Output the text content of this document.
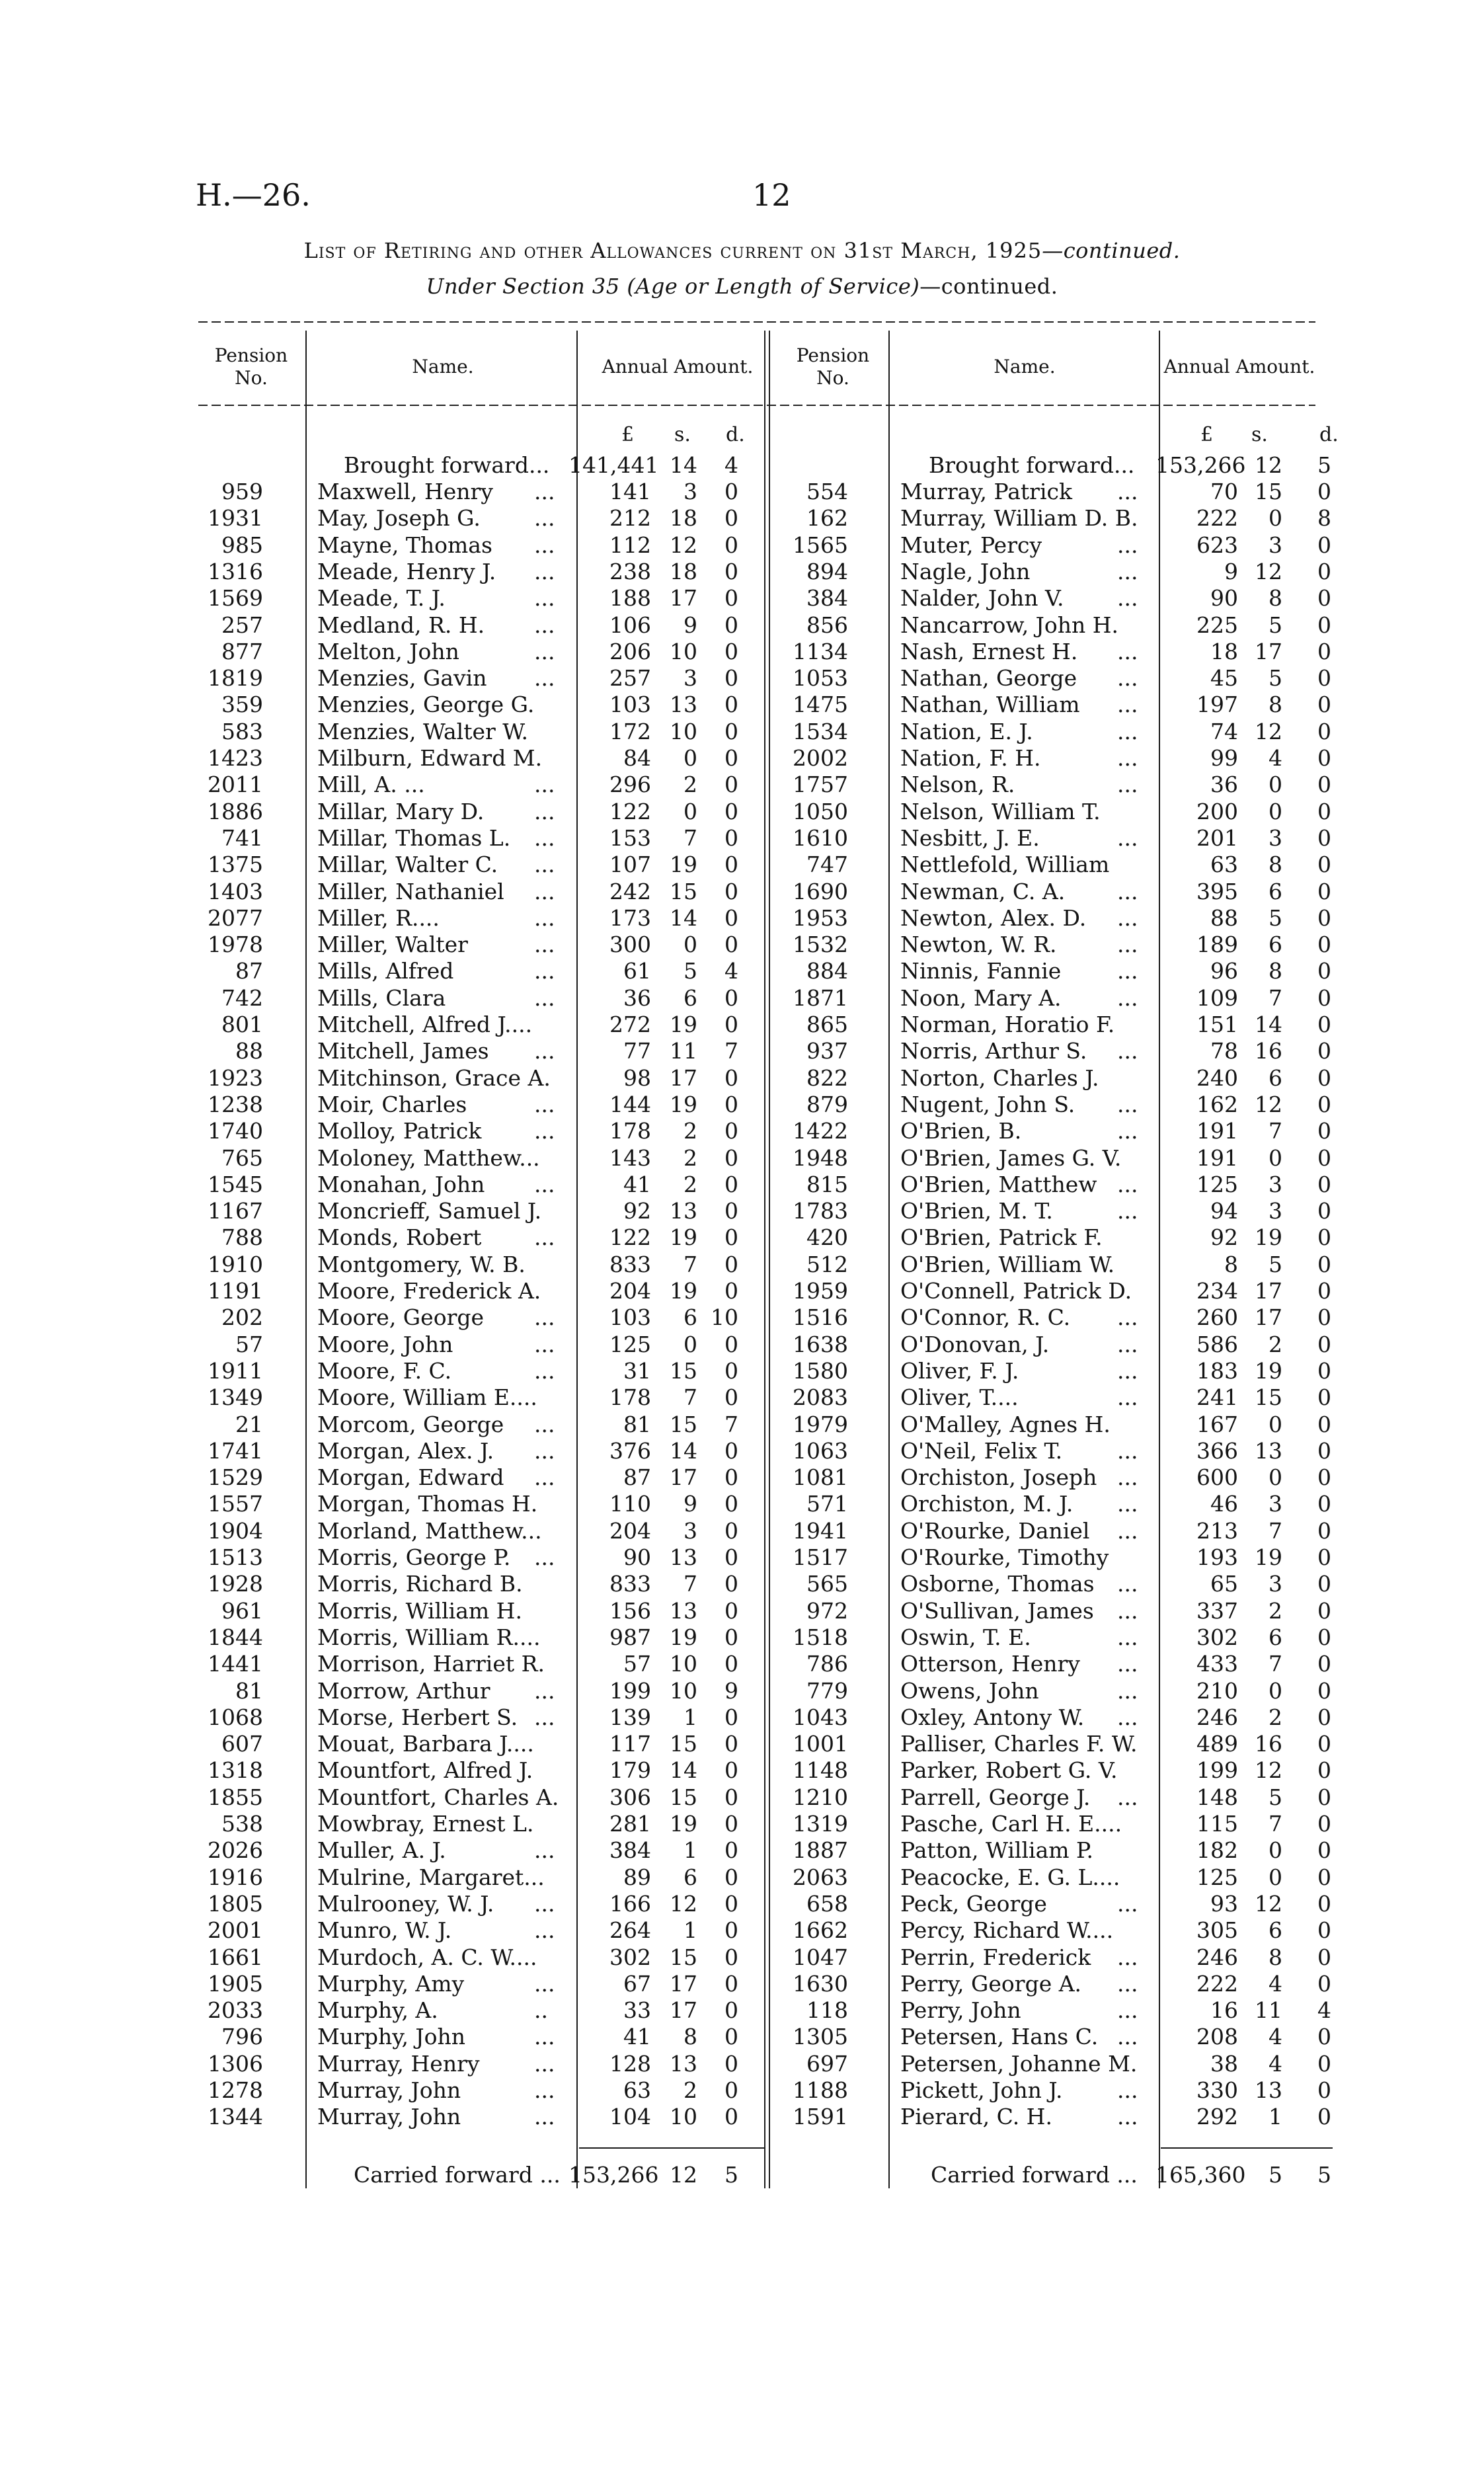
H.—26.	12
List of Retiring and other Allowances current on 31st March, 1925—continued.
Under Section 35 (Age or Length of Service)—continued.
Pension No.
Name.	Annual Amount.
Pension No.
Name.	Annual Amount.
£ s. d.	£ s.	d.
Brought forward... 141,441 14	4	Brought forward... 153,266 12	5
959 Maxwell, Henry ...	141	3	0
1931 May, Joseph G. ...	212 18	0
985 Mayne, Thomas ...	112 12	0
1316 Meade, Henry J. ...	238 18	0
1569 Meade, T. J.	...	188 17	0
257 Medland, R. H. ...	106	9	0
877 Melton, John	...	206 10	0
1819 Menzies, Gavin ...	257	3	0
359 Menzies, George G.	103 13	0
583 Menzies, Walter W.	172 10	0
1423 Milburn, Edward M.	84	0	0
2011 Mill, A. ...	...	296	2	0
1886 Millar, Mary D. ...	122	0	0
741 Millar, Thomas L. ...	153	7	0
1375 Millar, Walter C. ...	107 19	0
1403 Miller, Nathaniel ...	242 15	0
2077 Miller, R....	...	173 14	0
1978 Miller, Walter	...	300	0	0
87 Mills, Alfred	...	61	5	4
742 Mills, Clara	...	36	6	0
801 Mitchell, Alfred J....	272 19	0
88 Mitchell, James ...	77 11	7
1923 Mitchinson, Grace A.	98 17	0
1238 Moir, Charles	...	144 19	0
1740 Molloy, Patrick ...	178	2	0
765 Moloney, Matthew...	143	2	0
1545 Monahan, John ...	41	2	0
1167 Moncrieff, Samuel J.	92 13	0
788 Monds, Robert ...	122 19	0
1910 Montgomery, W. B.	833	7	0
1191 Moore, Frederick A.	204 19	0
202 Moore, George ...	103	6 10
57 Moore, John	...	125	0	0
1911 Moore, F. C.	...	31 15	0
1349 Moore, William E....	178	7	0
21 Morcom, George ...	81 15	7
1741 Morgan, Alex. J. ...	376 14	0
1529 Morgan, Edward ...	87 17	0
1557 Morgan, Thomas H.	110	9	0
1904 Morland, Matthew...	204	3	0
1513 Morris, George P. ...	90 13	0
1928 Morris, Richard B.	833	7	0
961 Morris, William H.	156 13	0
1844 Morris, William R....	987 19	0
1441 Morrison, Harriet R.	57 10	0
81 Morrow, Arthur ...	199 10	9
1068 Morse, Herbert S. ...	139	1	0
607 Mouat, Barbara J....	117 15	0
1318 Mountfort, Alfred J.	179 14	0
1855 Mountfort, Charles A.	306 15	0
538 Mowbray, Ernest L.	281 19	0
2026 Muller, A. J.	...	384	1	0
1916 Mulrine, Margaret...	89	6	0
1805 Mulrooney, W. J. ...	166 12	0
2001 Munro, W. J.	...	264	1	0
1661 Murdoch, A. C. W....	302 15	0
1905 Murphy, Amy	...	67 17	0
2033 Murphy, A.	..	33 17	0
796 Murphy, John	...	41	8	0
1306 Murray, Henry	...	128 13	0
1278 Murray, John	...	63	2	0
1344 Murray, John	...	104 10	0
554 Murray, Patrick ...	70 15	0
162 Murray, William D. B.	222	0	8
1565 Muter, Percy	...	623	3	0
894 Nagle, John	...	9 12	0
384 Nalder, John V. ...	90	8	0
856 Nancarrow, John H.	225	5	0
1134 Nash, Ernest H. ...	18 17	0
1053 Nathan, George ...	45	5	0
1475 Nathan, William ...	197	8	0
1534 Nation, E. J.	...	74 12	0
2002 Nation, F. H.	...	99	4	0
1757 Nelson, R.	...	36	0	0
1050 Nelson, William T.	200	0	0
1610 Nesbitt, J. E.	...	201	3	0
747 Nettlefold, William	63	8	0
1690 Newman, C. A. ...	395	6	0
1953 Newton, Alex. D. ...	88	5	0
1532 Newton, W. R.	...	189	6	0
884 Ninnis, Fannie	...	96	8	0
1871 Noon, Mary A.	...	109	7	0
865 Norman, Horatio F.	151 14	0
937 Norris, Arthur S. ...	78 16	0
822 Norton, Charles J.	240	6	0
879 Nugent, John S. ...	162 12	0
1422 O'Brien, B.	...	191	7	0
1948 O'Brien, James G. V.	191	0	0
815 O'Brien, Matthew ...	125	3	0
1783 O'Brien, M. T.	...	94	3	0
420 O'Brien, Patrick F.	92 19	0
512 O'Brien, William W.	8	5	0
1959 O'Connell, Patrick D.	234 17	0
1516 O'Connor, R. C. ...	260 17	0
1638 O'Donovan, J.	...	586	2	0
1580 Oliver, F. J.	...	183 19	0
2083 Oliver, T....	...	241 15	0
1979 O'Malley, Agnes H.	167	0	0
1063 O'Neil, Felix T.	...	366 13	0
1081 Orchiston, Joseph ...	600	0	0
571 Orchiston, M. J. ...	46	3	0
1941 O'Rourke, Daniel ...	213	7	0
1517 O'Rourke, Timothy	193 19	0
565 Osborne, Thomas ...	65	3	0
972 O'Sullivan, James ...	337	2	0
1518 Oswin, T. E.	...	302	6	0
786 Otterson, Henry ...	433	7	0
779 Owens, John	...	210	0	0
1043 Oxley, Antony W. ...	246	2	0
1001 Palliser, Charles F. W.	489 16	0
1148 Parker, Robert G. V.	199 12	0
1210 Parrell, George J. ...	148	5	0
1319 Pasche, Carl H. E....	115	7	0
1887 Patton, William P.	182	0	0
2063 Peacocke, E. G. L....	125	0	0
658 Peck, George	...	93 12	0
1662 Percy, Richard W....	305	6	0
1047 Perrin, Frederick ...	246	8	0
1630 Perry, George A. ...	222	4	0
118 Perry, John	...	16 11	4
1305 Petersen, Hans C. ...	208	4	0
697 Petersen, Johanne M.	38	4	0
1188 Pickett, John J. ...	330 13	0
1591 Pierard, C. H.	...	292	1	0
Carried forward ... 153,266 12	5	Carried forward ... 165,360	5	5
